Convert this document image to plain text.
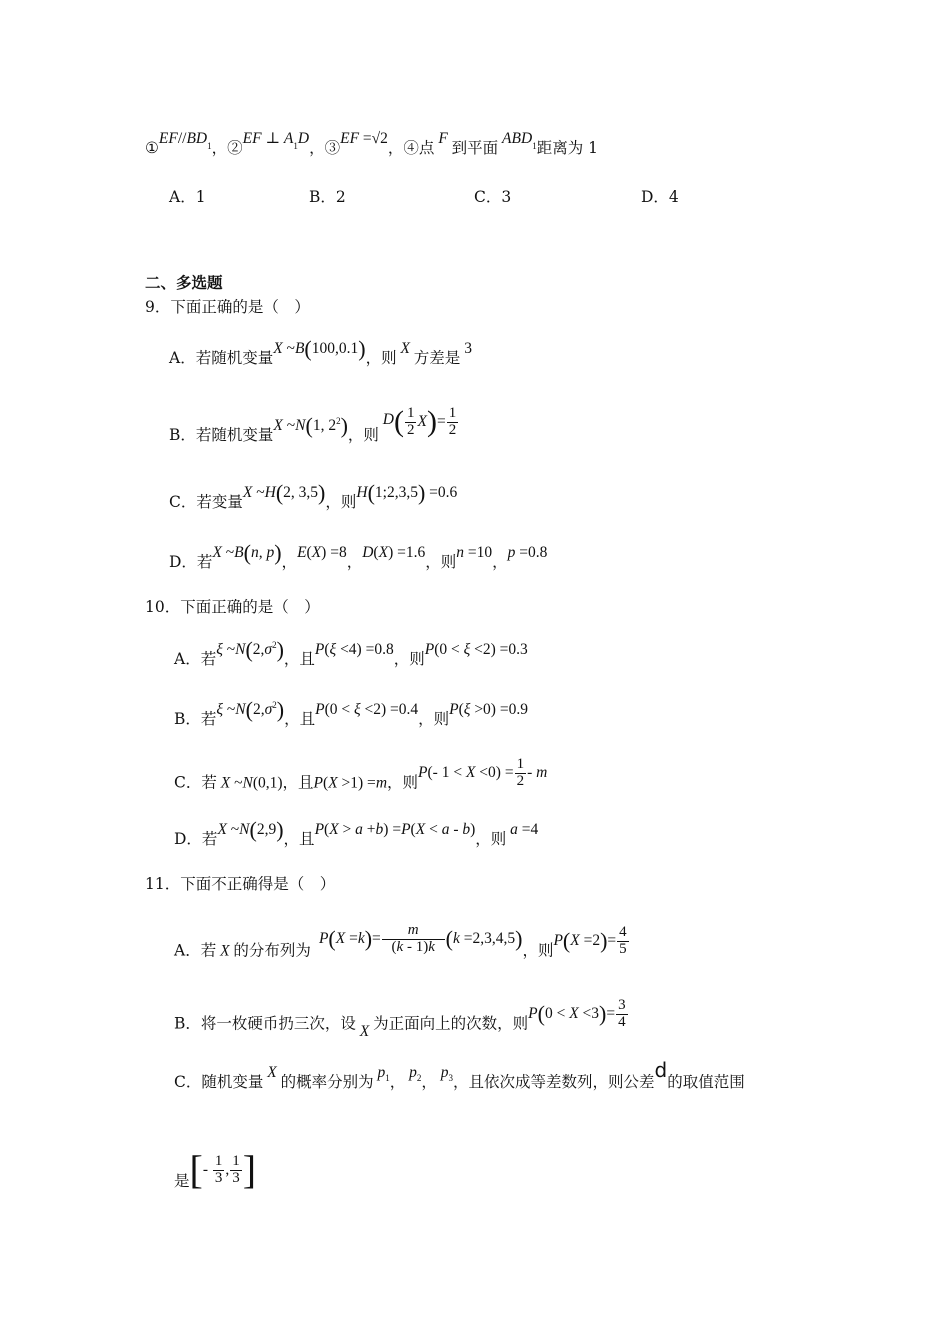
①EF/$/BD_1$，②EF ⊥ $A_1D$，③EF =√2，④点 F 到平面 $ABD_1$距离为 1
A．1	B．2	C．3	D．4
二、多选题
9．下面正确的是（　）
A．若随机变量X ~B(100,0.1)，则 X 方差是 3
B．若随机变量X ~N(1, $2^2$)，则 $D( \frac{1}{2} X)= \frac{1}{2}$
C．若变量X ~H(2, 3,5)，则H(1;2,3,5) =0.6
D．若X ~B(n, p)，E(X) =8，D(X) =1.6，则n =10，p =0.8
10．下面正确的是（　）
A．若ξ $\sim N(2,\sigma^2)$，且P(ξ <4) =0.8，则P(0 < ξ <2) =0.3
B．若ξ $\sim N(2,\sigma^2)$，且P(0 < ξ <2) =0.4，则P(ξ >0) =0.9
C．若 X ~N(0,1)，且P(X >1) =m，则P(- $1 < X <0) = \frac{1}{2} - m$
D．若X ~N(2,9)，且P(X > a +b) =P(X < a - b)，则 a =4
11．下面不正确得是（　）
A．若 X 的分布列为$P(X =k)= \frac{m}{(k - 1)k} (k =2,3,4,5)$，则$P(X =2)= \frac{4}{5}$
B．将一枚硬币扔三次，设 X 为正面向上的次数，则$P(0 < X <3)= \frac{3}{4}$
C．随机变量 X 的概率分别为 $p_1$， $p_2$， $p_3$，且依次成等差数列，则公差d的取值范围
是[- $\frac{1}{3}$ , $\frac{1}{3}$ ]
